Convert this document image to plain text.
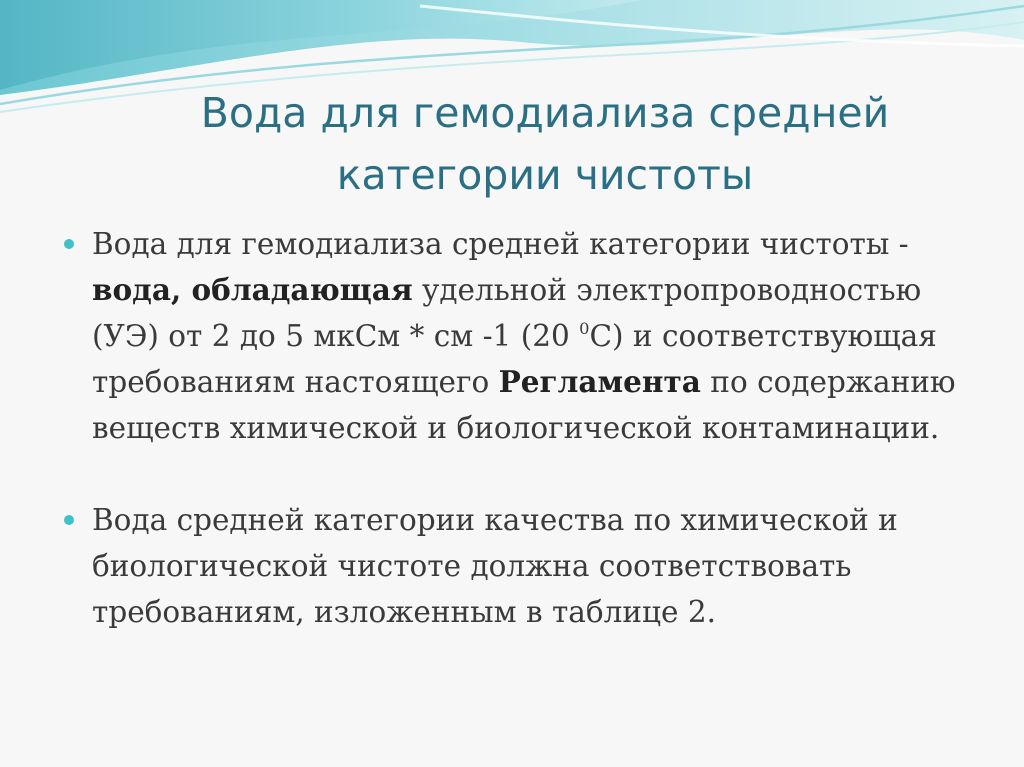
Вода для гемодиализа средней категории чистоты
Вода для гемодиализа средней категории чистоты - вода, обладающая удельной электропроводностью (УЭ) от 2 до 5 мкСм * см -1 (20 $^0$С) и соответствующая требованиям настоящего Регламента по содержанию веществ химической и биологической контаминации.
Вода средней категории качества по химической и биологической чистоте должна соответствовать требованиям, изложенным в таблице 2.
